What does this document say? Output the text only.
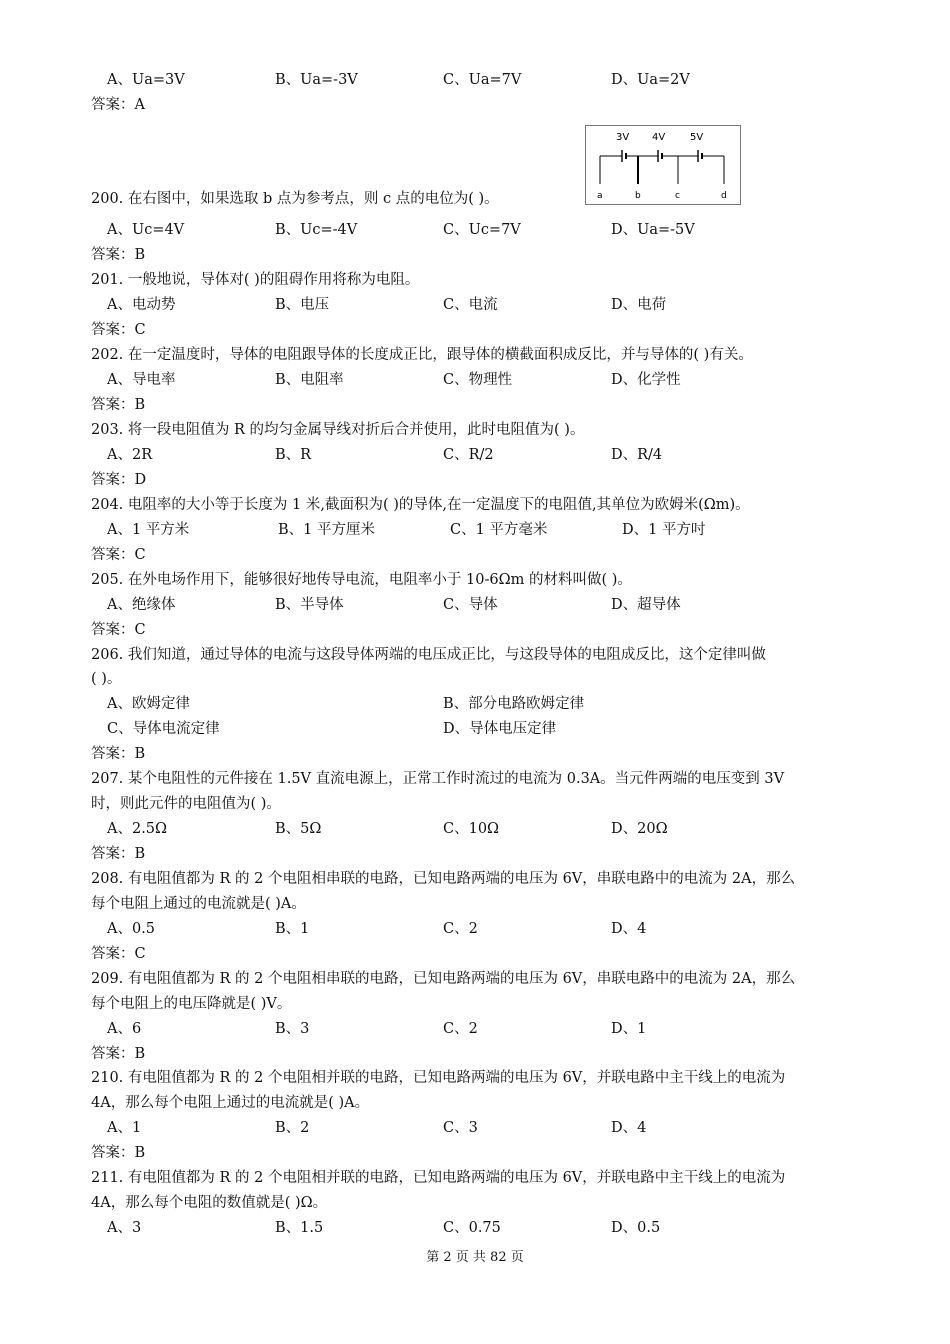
A、Ua=3V	B、Ua=-3V	C、Ua=7V	D、Ua=2V
答案：A
3V 4V 5V
a	b	c	d
200. 在右图中，如果选取 b 点为参考点，则 c 点的电位为( )。
A、Uc=4V	B、Uc=-4V	C、Uc=7V	D、Ua=-5V
答案：B
201. 一般地说，导体对( )的阻碍作用将称为电阻。
A、电动势	B、电压	C、电流	D、电荷
答案：C
202. 在一定温度时，导体的电阻跟导体的长度成正比，跟导体的横截面积成反比，并与导体的( )有关。
A、导电率	B、电阻率	C、物理性	D、化学性
答案：B
203. 将一段电阻值为 R 的均匀金属导线对折后合并使用，此时电阻值为( )。
A、2R	B、R	C、R/2	D、R/4
答案：D
204. 电阻率的大小等于长度为 1 米,截面积为( )的导体,在一定温度下的电阻值,其单位为欧姆米(Ωm)。
A、1 平方米	B、1 平方厘米	C、1 平方毫米	D、1 平方吋
答案：C
205. 在外电场作用下，能够很好地传导电流，电阻率小于 10-6Ωm 的材料叫做( )。
A、绝缘体	B、半导体	C、导体	D、超导体
答案：C
206. 我们知道，通过导体的电流与这段导体两端的电压成正比，与这段导体的电阻成反比，这个定律叫做
( )。
A、欧姆定律	B、部分电路欧姆定律
C、导体电流定律	D、导体电压定律
答案：B
207. 某个电阻性的元件接在 1.5V 直流电源上，正常工作时流过的电流为 0.3A。当元件两端的电压变到 3V
时，则此元件的电阻值为( )。
A、2.5Ω	B、5Ω	C、10Ω	D、20Ω
答案：B
208. 有电阻值都为 R 的 2 个电阻相串联的电路，已知电路两端的电压为 6V，串联电路中的电流为 2A，那么
每个电阻上通过的电流就是( )A。
A、0.5	B、1	C、2	D、4
答案：C
209. 有电阻值都为 R 的 2 个电阻相串联的电路，已知电路两端的电压为 6V，串联电路中的电流为 2A，那么
每个电阻上的电压降就是( )V。
A、6	B、3	C、2	D、1
答案：B
210. 有电阻值都为 R 的 2 个电阻相并联的电路，已知电路两端的电压为 6V，并联电路中主干线上的电流为
4A，那么每个电阻上通过的电流就是( )A。
A、1	B、2	C、3	D、4
答案：B
211. 有电阻值都为 R 的 2 个电阻相并联的电路，已知电路两端的电压为 6V，并联电路中主干线上的电流为
4A，那么每个电阻的数值就是( )Ω。
A、3	B、1.5	C、0.75	D、0.5
第 2 页 共 82 页
